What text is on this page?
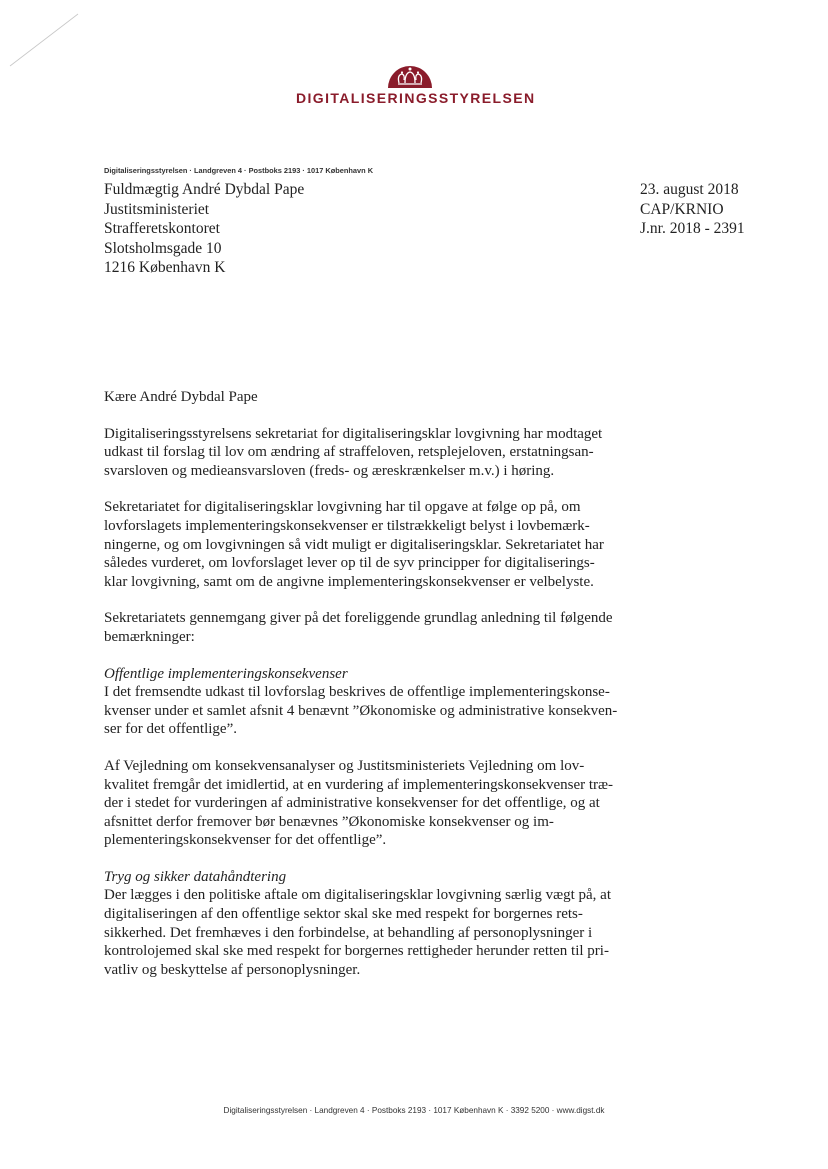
DIGITALISERINGSSTYRELSEN
Digitaliseringsstyrelsen · Landgreven 4 · Postboks 2193 · 1017 København K
Fuldmægtig André Dybdal Pape
Justitsministeriet
Strafferetskontoret
Slotsholmsgade 10
1216 København K
23. august 2018
CAP/KRNIO
J.nr. 2018 - 2391

Kære André Dybdal Pape

Digitaliseringsstyrelsens sekretariat for digitaliseringsklar lovgivning har modtaget
udkast til forslag til lov om ændring af straffeloven, retsplejeloven, erstatningsan-
svarsloven og medieansvarsloven (freds- og æreskrænkelser m.v.) i høring.

Sekretariatet for digitaliseringsklar lovgivning har til opgave at følge op på, om
lovforslagets implementeringskonsekvenser er tilstrækkeligt belyst i lovbemærk-
ningerne, og om lovgivningen så vidt muligt er digitaliseringsklar. Sekretariatet har
således vurderet, om lovforslaget lever op til de syv principper for digitaliserings-
klar lovgivning, samt om de angivne implementeringskonsekvenser er velbelyste.

Sekretariatets gennemgang giver på det foreliggende grundlag anledning til følgende
bemærkninger:

Offentlige implementeringskonsekvenser

I det fremsendte udkast til lovforslag beskrives de offentlige implementeringskonse-
kvenser under et samlet afsnit 4 benævnt ”Økonomiske og administrative konsekven-
ser for det offentlige”.

Af Vejledning om konsekvensanalyser og Justitsministeriets Vejledning om lov-
kvalitet fremgår det imidlertid, at en vurdering af implementeringskonsekvenser træ-
der i stedet for vurderingen af administrative konsekvenser for det offentlige, og at
afsnittet derfor fremover bør benævnes ”Økonomiske konsekvenser og im-
plementeringskonsekvenser for det offentlige”.

Tryg og sikker datahåndtering

Der lægges i den politiske aftale om digitaliseringsklar lovgivning særlig vægt på, at
digitaliseringen af den offentlige sektor skal ske med respekt for borgernes rets-
sikkerhed. Det fremhæves i den forbindelse, at behandling af personoplysninger i
kontrolojemed skal ske med respekt for borgernes rettigheder herunder retten til pri-
vatliv og beskyttelse af personoplysninger.

Digitaliseringsstyrelsen · Landgreven 4 · Postboks 2193 · 1017 København K · 3392 5200 · www.digst.dk
